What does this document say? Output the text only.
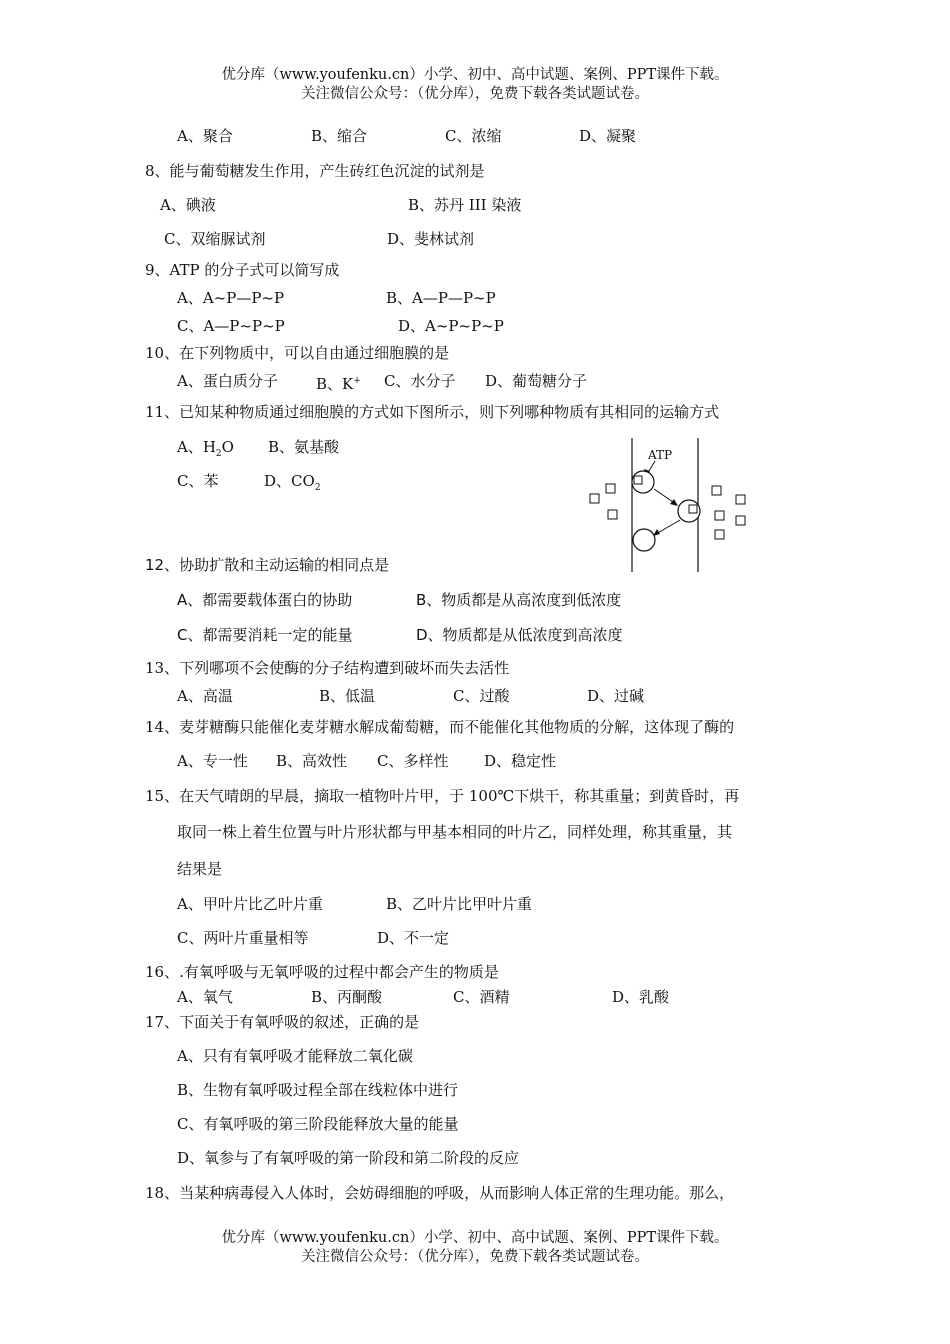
优分库（www.youfenku.cn）小学、初中、高中试题、案例、PPT课件下载。
关注微信公众号：（优分库），免费下载各类试题试卷。
A、聚合	B、缩合	C、浓缩	D、凝聚
8、能与葡萄糖发生作用，产生砖红色沉淀的试剂是
A、碘液	B、苏丹 III 染液
C、双缩脲试剂	D、斐林试剂
9、ATP 的分子式可以简写成
A、A~P—P~P	B、A—P—P~P
C、A—P~P~P	D、A~P~P~P
10、在下列物质中，可以自由通过细胞膜的是
A、蛋白质分子	B、K+ C、水分子 D、葡萄糖分子
11、已知某种物质通过细胞膜的方式如下图所示，则下列哪种物质有其相同的运输方式
A、$H_2O$ B、氨基酸
C、苯	D、$CO_2$
ATP
12、协助扩散和主动运输的相同点是
A、都需要载体蛋白的协助	B、物质都是从高浓度到低浓度
C、都需要消耗一定的能量	D、物质都是从低浓度到高浓度
13、下列哪项不会使酶的分子结构遭到破坏而失去活性
A、高温	B、低温	C、过酸	D、过碱
14、麦芽糖酶只能催化麦芽糖水解成葡萄糖，而不能催化其他物质的分解，这体现了酶的
A、专一性 B、高效性 C、多样性 D、稳定性
15、在天气晴朗的早晨，摘取一植物叶片甲，于 100℃下烘干，称其重量；到黄昏时，再
取同一株上着生位置与叶片形状都与甲基本相同的叶片乙，同样处理，称其重量，其
结果是
A、甲叶片比乙叶片重	B、乙叶片比甲叶片重
C、两叶片重量相等	D、不一定
16、.有氧呼吸与无氧呼吸的过程中都会产生的物质是
A、氧气	B、丙酮酸	C、酒精	D、乳酸
17、下面关于有氧呼吸的叙述，正确的是
A、只有有氧呼吸才能释放二氧化碳
B、生物有氧呼吸过程全部在线粒体中进行
C、有氧呼吸的第三阶段能释放大量的能量
D、氧参与了有氧呼吸的第一阶段和第二阶段的反应
18、当某种病毒侵入人体时，会妨碍细胞的呼吸，从而影响人体正常的生理功能。那么，
优分库（www.youfenku.cn）小学、初中、高中试题、案例、PPT课件下载。
关注微信公众号：（优分库），免费下载各类试题试卷。
